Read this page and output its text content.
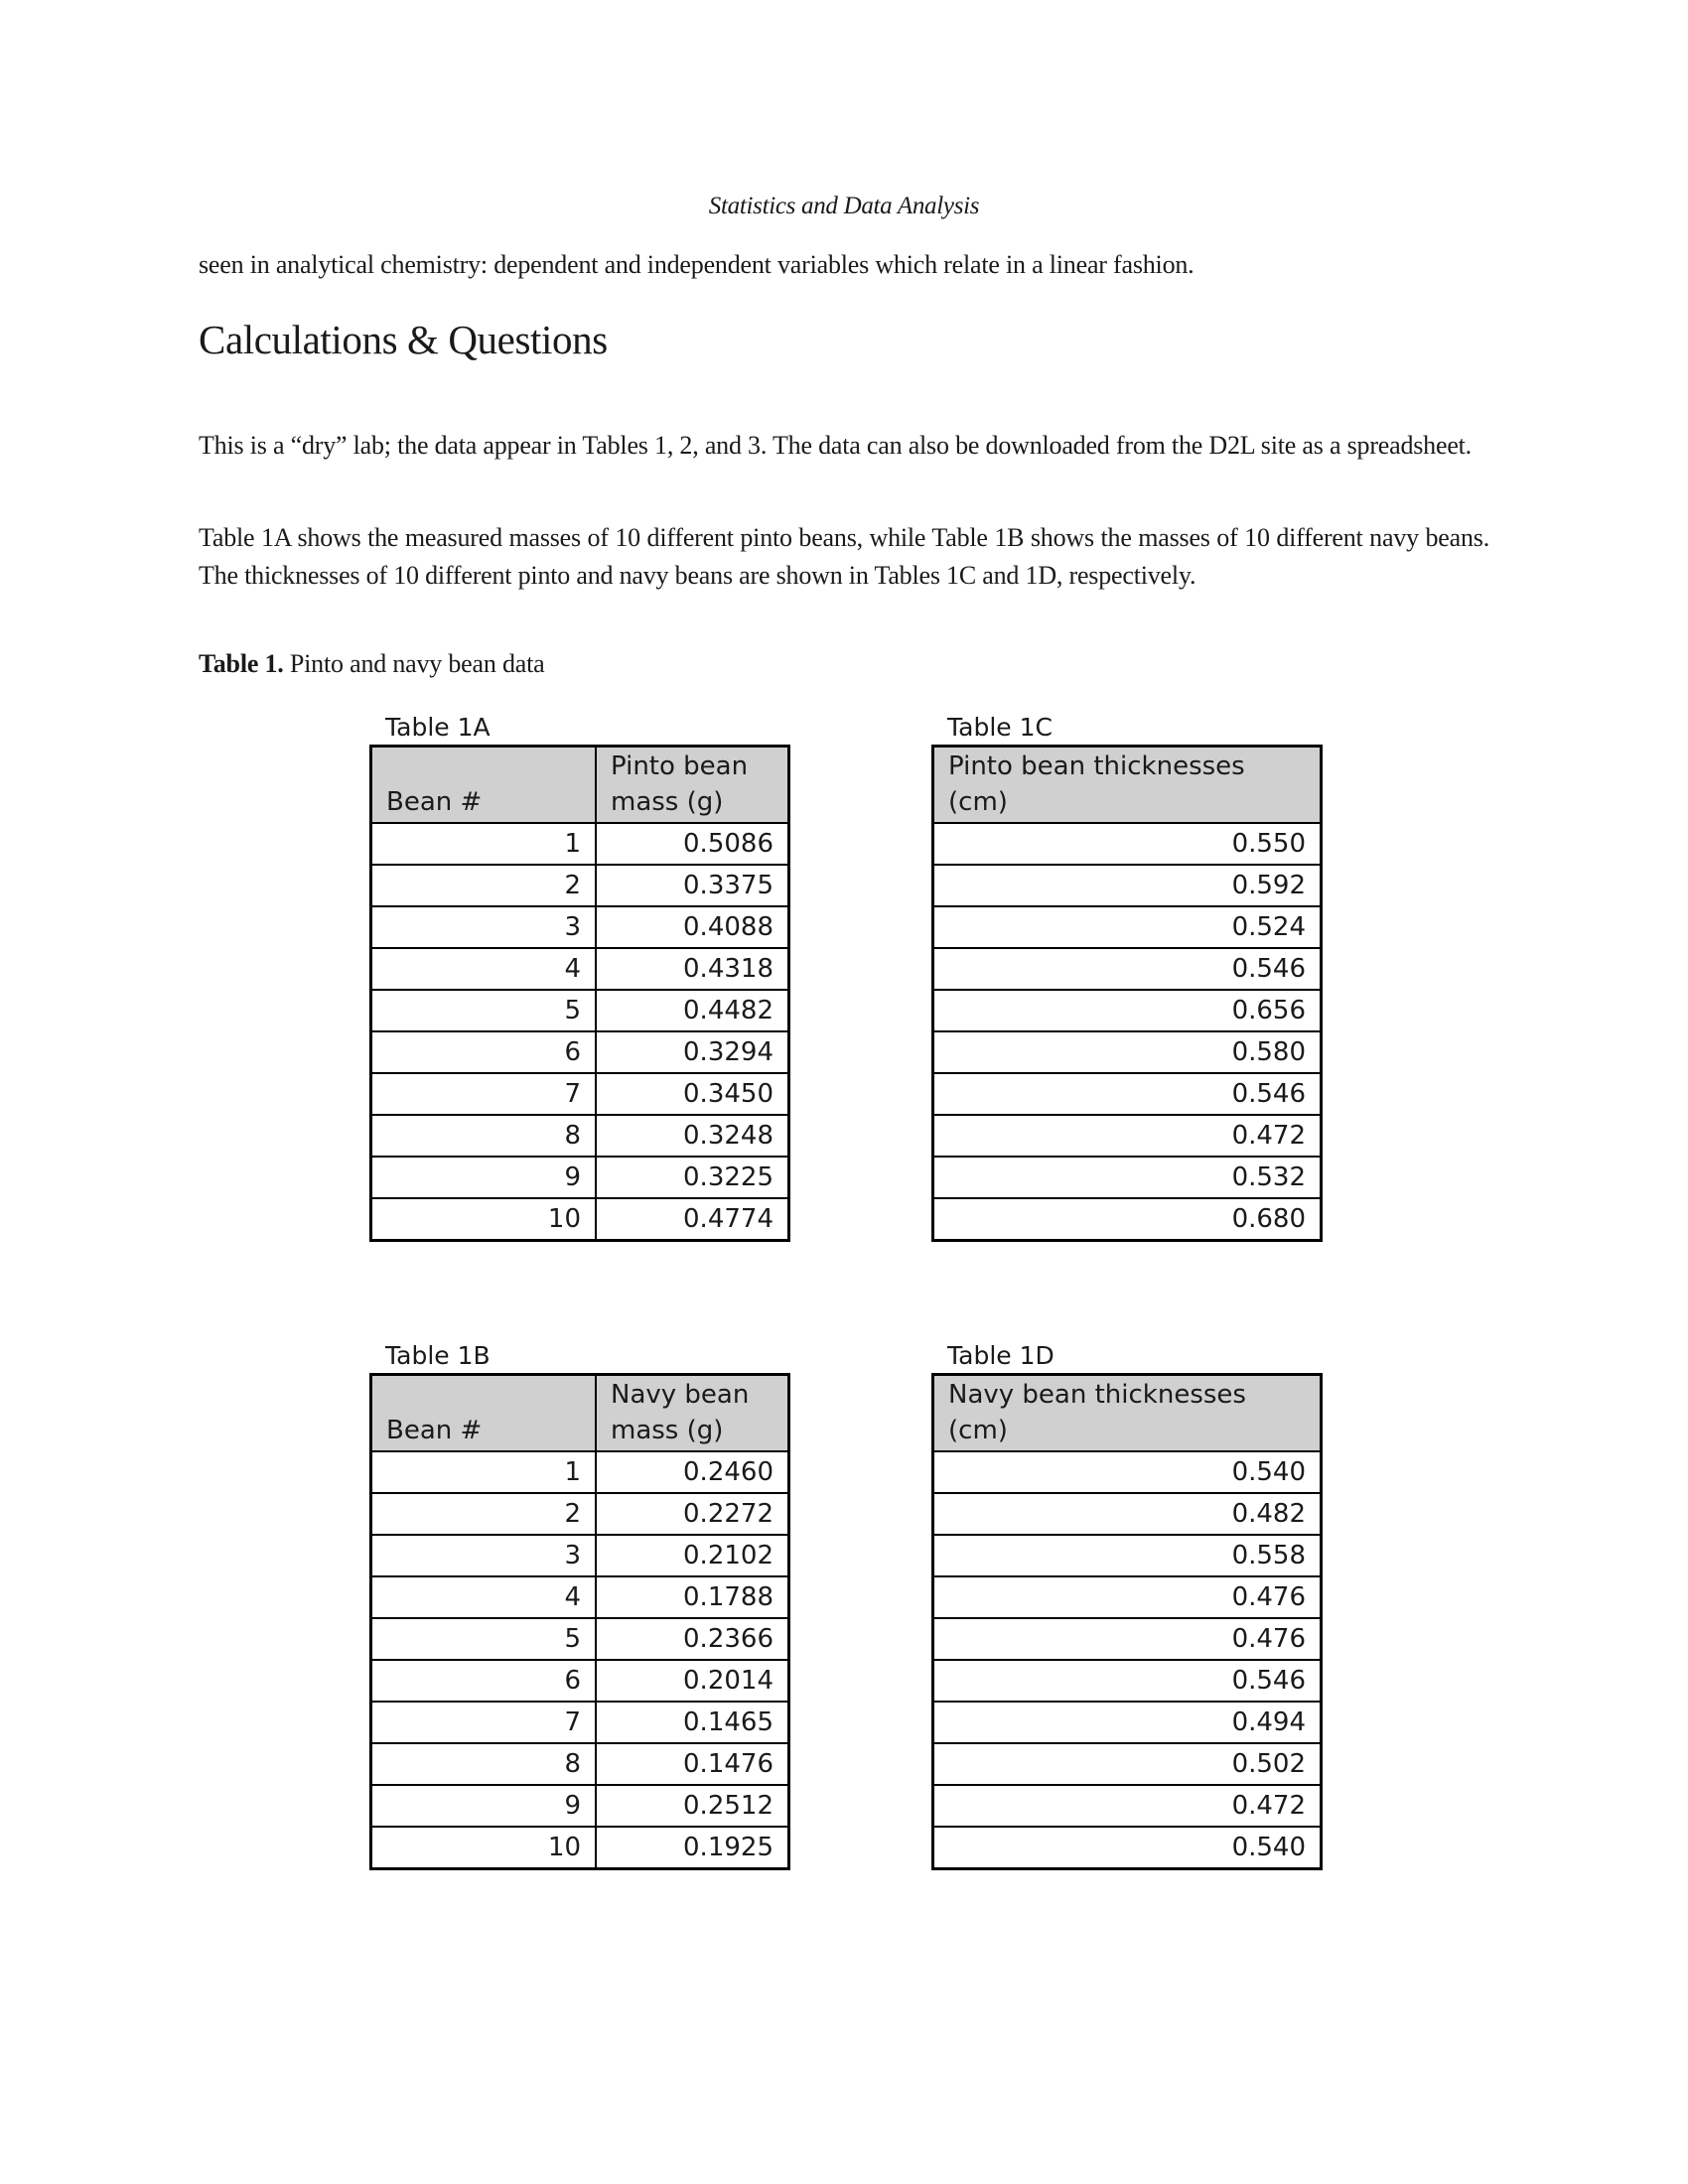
Statistics and Data Analysis
seen in analytical chemistry: dependent and independent variables which relate in a linear fashion.
Calculations & Questions
This is a “dry” lab; the data appear in Tables 1, 2, and 3. The data can also be downloaded from the D2L site as a spreadsheet.
Table 1A shows the measured masses of 10 different pinto beans, while Table 1B shows the masses of 10 different navy beans. The thicknesses of 10 different pinto and navy beans are shown in Tables 1C and 1D, respectively.
Table 1. Pinto and navy bean data
Table 1A
Bean #	Pinto bean mass (g)
1	0.5086
2	0.3375
3	0.4088
4	0.4318
5	0.4482
6	0.3294
7	0.3450
8	0.3248
9	0.3225
10	0.4774
Table 1C
Pinto bean thicknesses (cm)
0.550
0.592
0.524
0.546
0.656
0.580
0.546
0.472
0.532
0.680
Table 1B
Bean #	Navy bean mass (g)
1	0.2460
2	0.2272
3	0.2102
4	0.1788
5	0.2366
6	0.2014
7	0.1465
8	0.1476
9	0.2512
10	0.1925
Table 1D
Navy bean thicknesses (cm)
0.540
0.482
0.558
0.476
0.476
0.546
0.494
0.502
0.472
0.540
